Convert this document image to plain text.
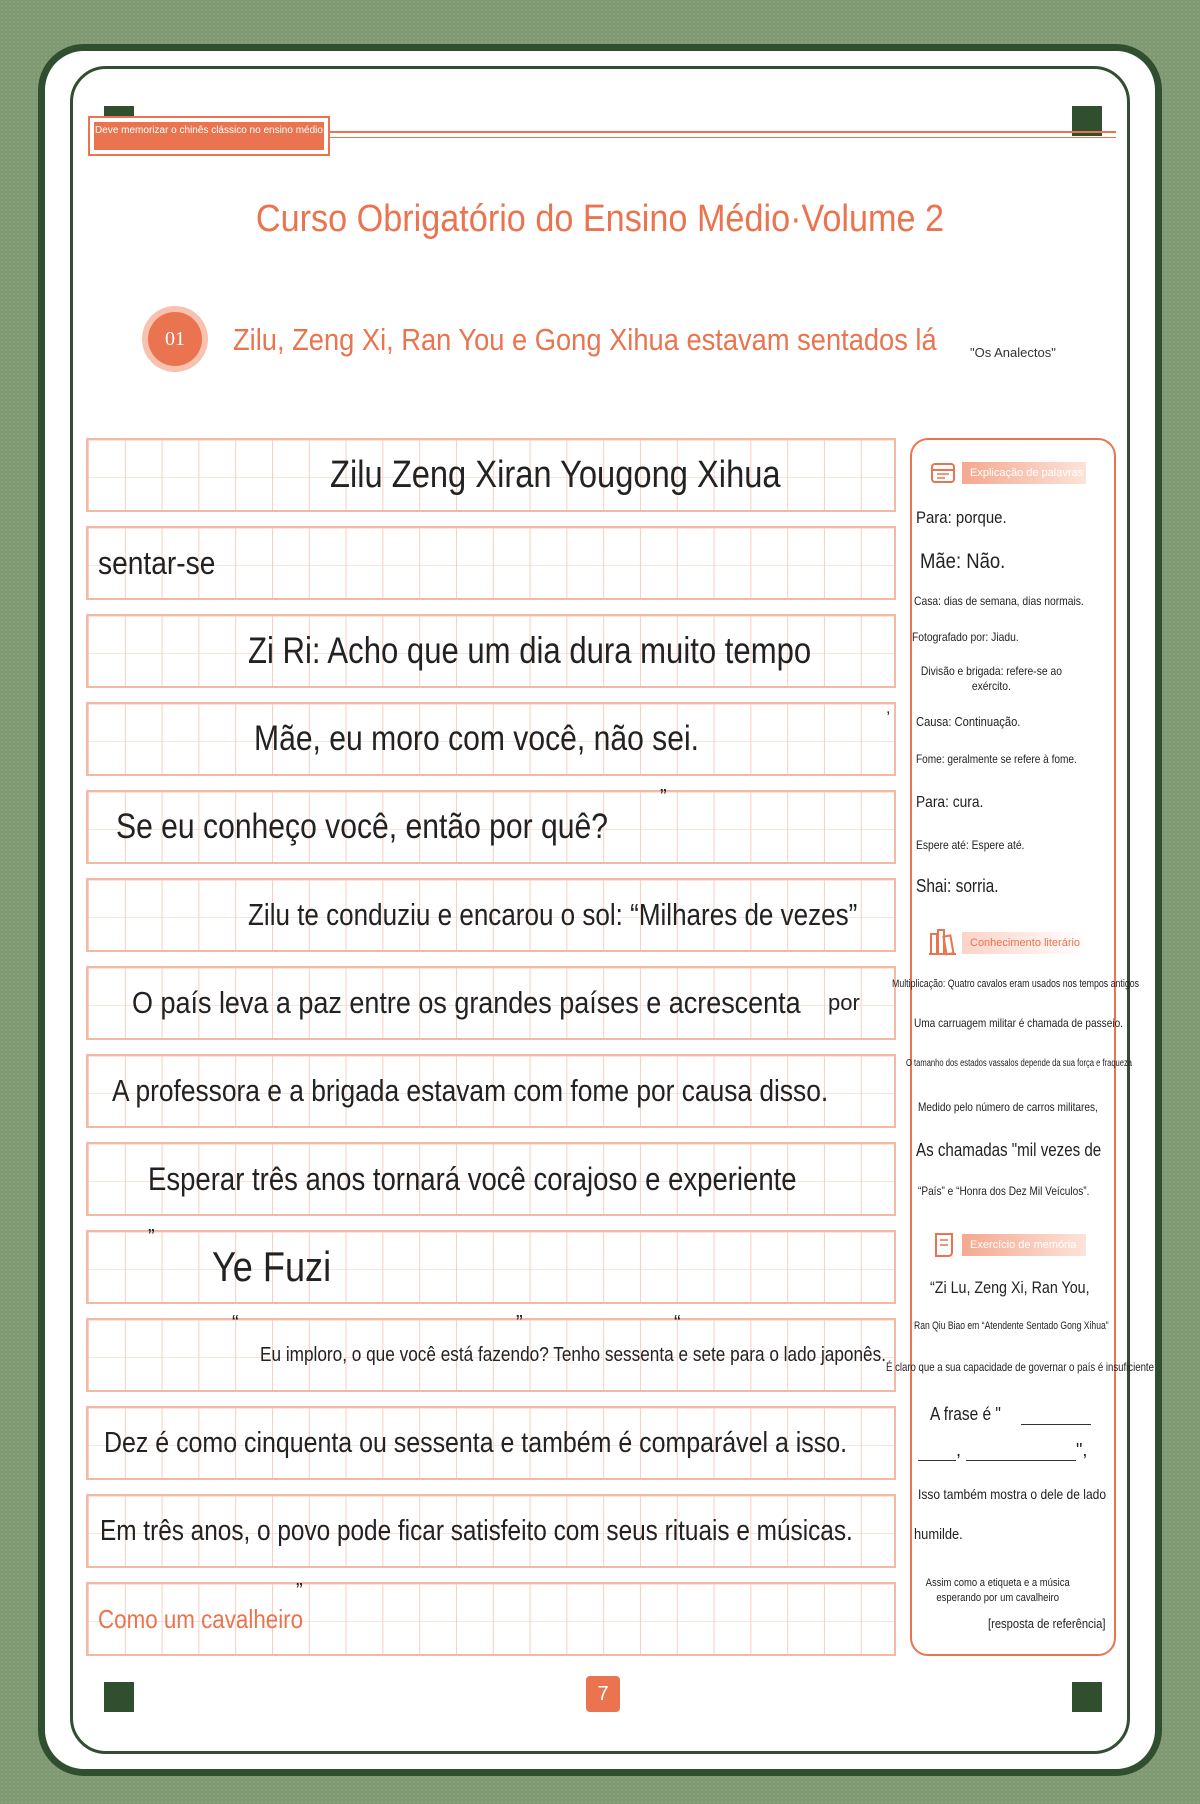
Deve memorizar o chinês clássico no ensino médio
Curso Obrigatório do Ensino Médio·Volume 2
01	Zilu, Zeng Xi, Ran You e Gong Xihua estavam sentados lá	"Os Analectos"
Zilu Zeng Xiran Yougong Xihua
sentar-se
Zi Ri: Acho que um dia dura muito tempo
Mãe, eu moro com você, não sei.
Se eu conheço você, então por quê?
Zilu te conduziu e encarou o sol: “Milhares de vezes”
O país leva a paz entre os grandes países e acrescenta por
A professora e a brigada estavam com fome por causa disso.
Esperar três anos tornará você corajoso e experiente
Ye Fuzi
Eu imploro, o que você está fazendo? Tenho sessenta e sete para o lado japonês.
Dez é como cinquenta ou sessenta e também é comparável a isso.
Em três anos, o povo pode ficar satisfeito com seus rituais e músicas.
Como um cavalheiro
,
”
”
“	”	“
”
Explicação de palavras
Para: porque.
Mãe: Não.
Casa: dias de semana, dias normais.
Fotografado por: Jiadu.
Divisão e brigada: refere-se ao exército.
Causa: Continuação.
Fome: geralmente se refere à fome.
Para: cura.
Espere até: Espere até.
Shai: sorria.
Conhecimento literário
Multiplicação: Quatro cavalos eram usados nos tempos antigos
Uma carruagem militar é chamada de passeio.
O tamanho dos estados vassalos depende da sua força e fraqueza
Medido pelo número de carros militares,
As chamadas "mil vezes de
“País” e “Honra dos Dez Mil Veículos”.
Exercício de memória
“Zi Lu, Zeng Xi, Ran You,
Ran Qiu Biao em “Atendente Sentado Gong Xihua”
É claro que a sua capacidade de governar o país é insuficiente
A frase é "
,	",
Isso também mostra o dele de lado
humilde.
Assim como a etiqueta e a música esperando por um cavalheiro
[resposta de referência]
7
